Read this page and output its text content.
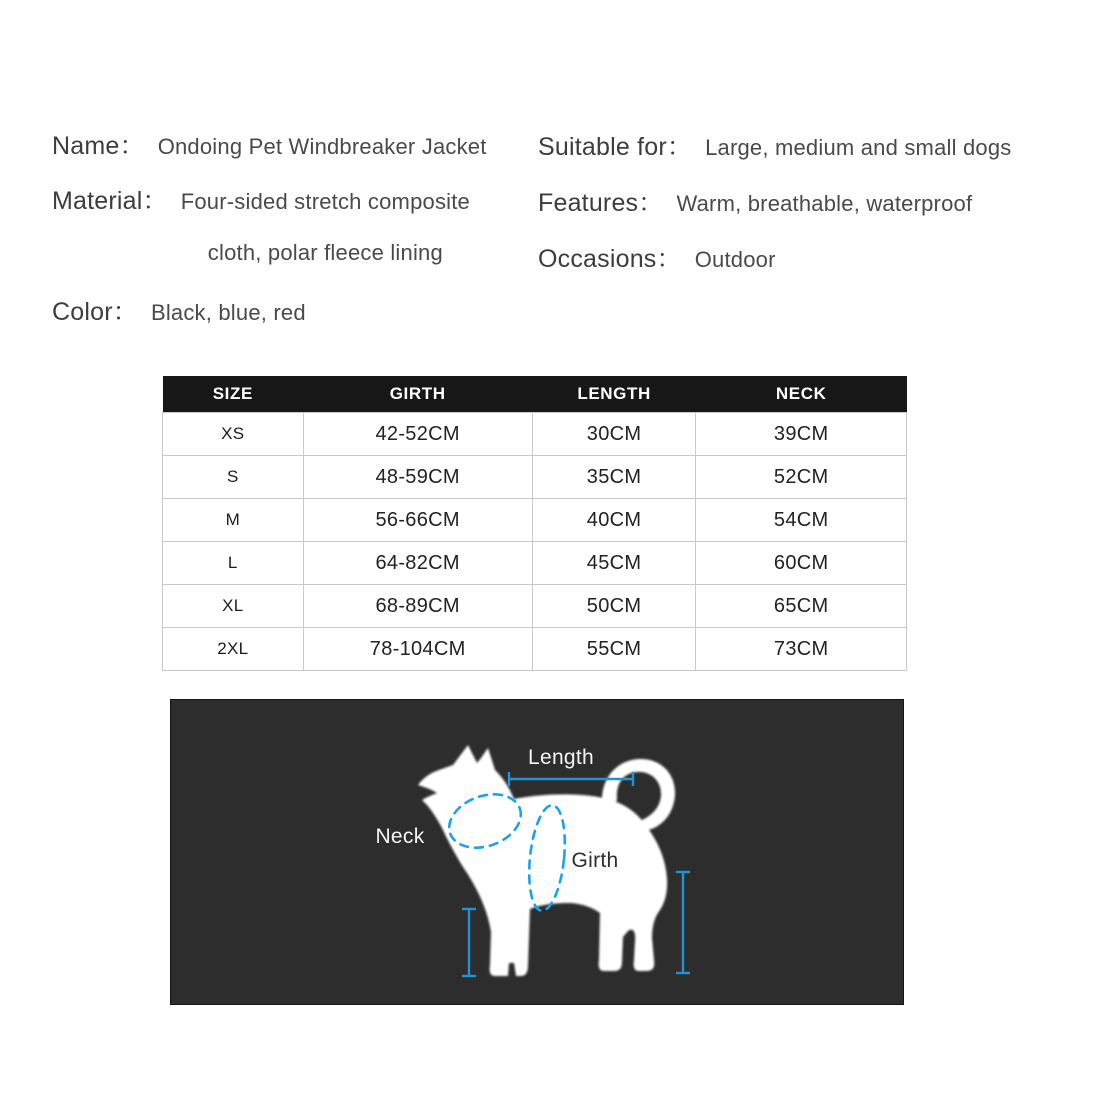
Name： Ondoing Pet Windbreaker Jacket
Material： Four-sided stretch composite
cloth, polar fleece lining
Color： Black, blue, red
Suitable for： Large, medium and small dogs
Features： Warm, breathable, waterproof
Occasions： Outdoor
SIZE	GIRTH	LENGTH	NECK
XS	42-52CM	30CM	39CM
S	48-59CM	35CM	52CM
M	56-66CM	40CM	54CM
L	64-82CM	45CM	60CM
XL	68-89CM	50CM	65CM
2XL	78-104CM	55CM	73CM
Length
Neck
Girth
